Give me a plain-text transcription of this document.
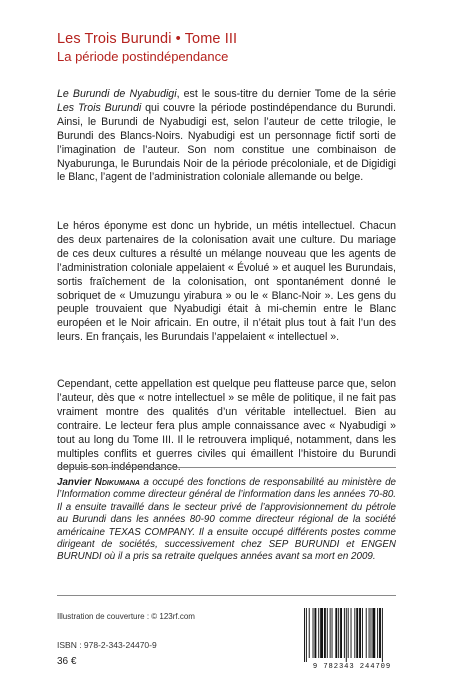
Les Trois Burundi • Tome III
La période postindépendance

Le Burundi de Nyabudigi, est le sous-titre du dernier Tome de la série Les Trois Burundi qui couvre la période postindépendance du Burundi. Ainsi, le Burundi de Nyabudigi est, selon l’auteur de cette trilogie, le Burundi des Blancs-Noirs. Nyabudigi est un personnage fictif sorti de l’imagination de l’auteur. Son nom constitue une combinaison de Nyaburunga, le Burundais Noir de la période précoloniale, et de Digidigi le Blanc, l’agent de l’administration coloniale allemande ou belge.

Le héros éponyme est donc un hybride, un métis intellectuel. Chacun des deux partenaires de la colonisation avait une culture. Du mariage de ces deux cultures a résulté un mélange nouveau que les agents de l’administration coloniale appelaient « Évolué » et auquel les Burundais, sortis fraîchement de la colonisation, ont spontanément donné le sobriquet de « Umuzungu yirabura » ou le « Blanc-Noir ». Les gens du peuple trouvaient que Nyabudigi était à mi-chemin entre le Blanc européen et le Noir africain. En outre, il n’était plus tout à fait l’un des leurs. En français, les Burundais l’appelaient « intellectuel ».

Cependant, cette appellation est quelque peu flatteuse parce que, selon l’auteur, dès que « notre intellectuel » se mêle de politique, il ne fait pas vraiment montre des qualités d’un véritable intellectuel. Bien au contraire. Le lecteur fera plus ample connaissance avec « Nyabudigi » tout au long du Tome III. Il le retrouvera impliqué, notamment, dans les multiples conflits et guerres civiles qui émaillent l’histoire du Burundi depuis son indépendance.

Janvier Ndikumana a occupé des fonctions de responsabilité au ministère de l’Information comme directeur général de l’information dans les années 70-80. Il a ensuite travaillé dans le secteur privé de l’approvisionnement du pétrole au Burundi dans les années 80-90 comme directeur régional de la société américaine TEXAS COMPANY. Il a ensuite occupé différents postes comme dirigeant de sociétés, successivement chez SEP BURUNDI et ENGEN BURUNDI où il a pris sa retraite quelques années avant sa mort en 2009.
Illustration de couverture : © 123rf.com
ISBN : 978-2-343-24470-9
36 €	9 782343 244709
